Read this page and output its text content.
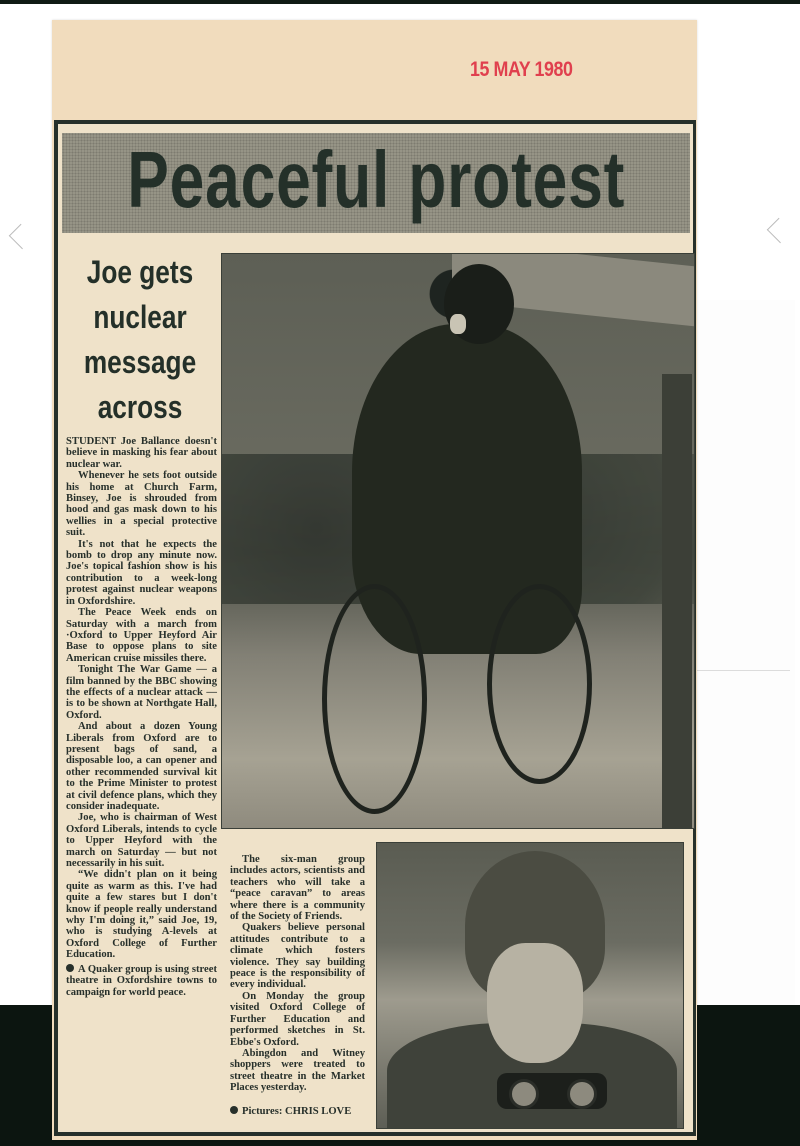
15 MAY 1980
Peaceful protest
Joe gets
nuclear
message
across

STUDENT Joe Ballance doesn't believe in masking his fear about nuclear war.

Whenever he sets foot outside his home at Church Farm, Binsey, Joe is shrouded from hood and gas mask down to his wellies in a special protective suit.

It's not that he expects the bomb to drop any minute now. Joe's topical fashion show is his contribution to a week-long protest against nuclear weapons in Oxfordshire.

The Peace Week ends on Saturday with a march from ·Oxford to Upper Heyford Air Base to oppose plans to site American cruise missiles there.

Tonight The War Game — a film banned by the BBC showing the effects of a nuclear attack — is to be shown at Northgate Hall, Oxford.

And about a dozen Young Liberals from Oxford are to present bags of sand, a disposable loo, a can opener and other recommended survival kit to the Prime Minister to protest at civil defence plans, which they consider inadequate.

Joe, who is chairman of West Oxford Liberals, intends to cycle to Upper Heyford with the march on Saturday — but not necessarily in his suit.

“We didn't plan on it being quite as warm as this. I've had quite a few stares but I don't know if people really understand why I'm doing it,” said Joe, 19, who is studying A-levels at Oxford College of Further Education.

A Quaker group is using street theatre in Oxfordshire towns to campaign for world peace.

The six-man group includes actors, scientists and teachers who will take a “peace caravan” to areas where there is a community of the Society of Friends.

Quakers believe personal attitudes contribute to a climate which fosters violence. They say building peace is the responsibility of every individual.

On Monday the group visited Oxford College of Further Education and performed sketches in St. Ebbe's Oxford.

Abingdon and Witney shoppers were treated to street theatre in the Market Places yesterday.

Pictures: CHRIS LOVE
